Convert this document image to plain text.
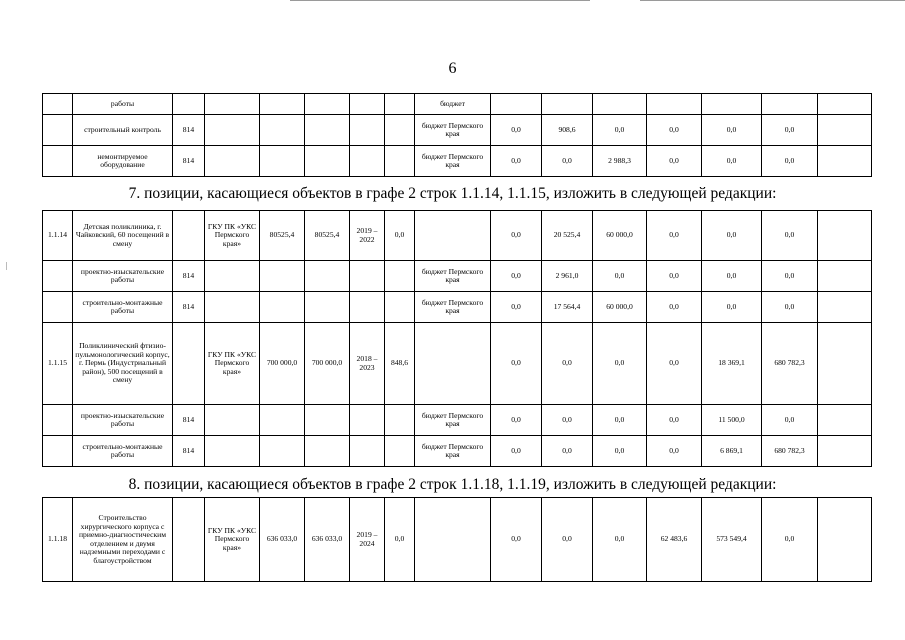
6
	работы							бюджет							
	строительный контроль	814						бюджет Пермского края	0,0	908,6	0,0	0,0	0,0	0,0	
	немонтируемое оборудование	814						бюджет Пермского края	0,0	0,0	2 988,3	0,0	0,0	0,0	
7. позиции, касающиеся объектов в графе 2 строк 1.1.14, 1.1.15, изложить в следующей редакции:
1.1.14	Детская поликлиника, г. Чайковский, 60 посещений в смену		ГКУ ПК «УКС Пермского края»	80525,4	80525,4	2019 – 2022	0,0		0,0	20 525,4	60 000,0	0,0	0,0	0,0	
	проектно-изыскательские работы	814						бюджет Пермского края	0,0	2 961,0	0,0	0,0	0,0	0,0	
	строительно-монтажные работы	814						бюджет Пермского края	0,0	17 564,4	60 000,0	0,0	0,0	0,0	
1.1.15	Поликлинический фтизио-пульмонологический корпус, г. Пермь (Индустриальный район), 500 посещений в смену		ГКУ ПК «УКС Пермского края»	700 000,0	700 000,0	2018 – 2023	848,6		0,0	0,0	0,0	0,0	18 369,1	680 782,3	
	проектно-изыскательские работы	814						бюджет Пермского края	0,0	0,0	0,0	0,0	11 500,0	0,0	
	строительно-монтажные работы	814						бюджет Пермского края	0,0	0,0	0,0	0,0	6 869,1	680 782,3	
8. позиции, касающиеся объектов в графе 2 строк 1.1.18, 1.1.19, изложить в следующей редакции:
1.1.18	Строительство хирургического корпуса с приемно-диагностическим отделением и двумя надземными переходами с благоустройством		ГКУ ПК «УКС Пермского края»	636 033,0	636 033,0	2019 – 2024	0,0		0,0	0,0	0,0	62 483,6	573 549,4	0,0	
